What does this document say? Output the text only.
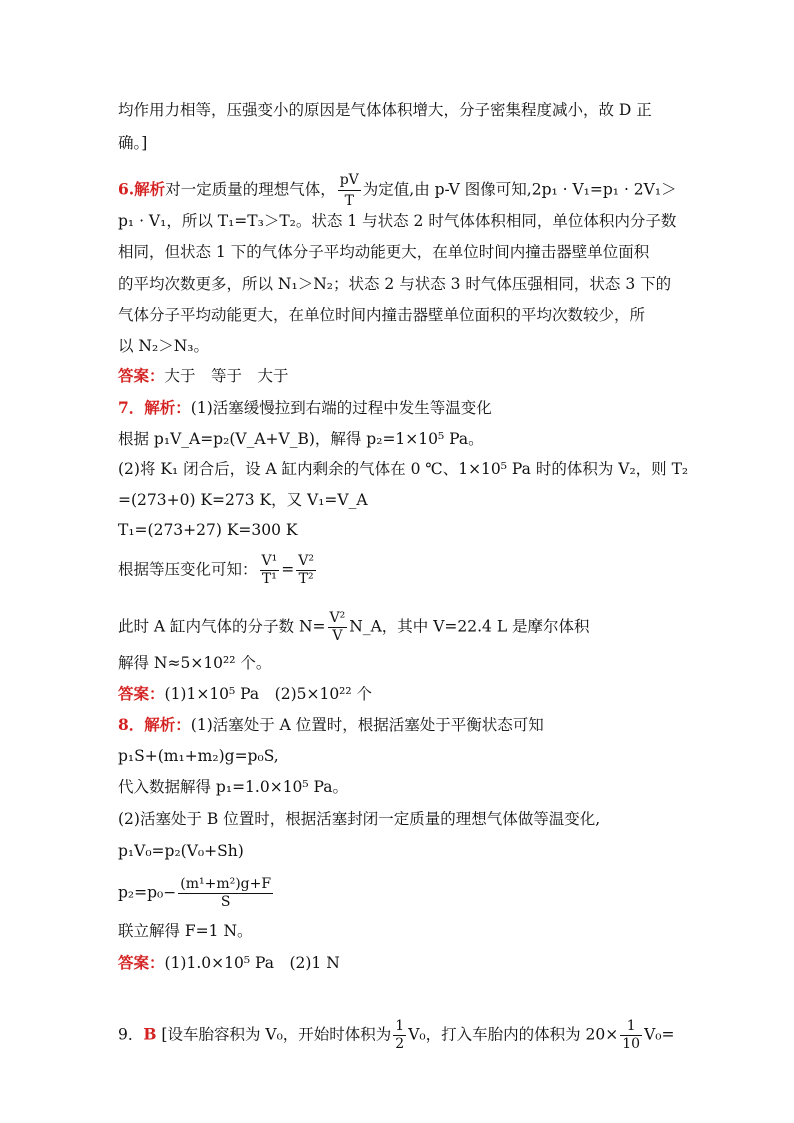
均作用力相等，压强变小的原因是气体体积增大，分子密集程度减小，故 D 正
确。]
6.解析对一定质量的理想气体， $\frac{pV}{T}$ 为定值,由 p-V 图像可知,2p₁ · V₁=p₁ · 2V₁＞
p₁ · V₁，所以 T₁=T₃＞T₂。状态 1 与状态 2 时气体体积相同，单位体积内分子数
相同，但状态 1 下的气体分子平均动能更大，在单位时间内撞击器壁单位面积
的平均次数更多，所以 N₁＞N₂；状态 2 与状态 3 时气体压强相同，状态 3 下的
气体分子平均动能更大，在单位时间内撞击器壁单位面积的平均次数较少，所
以 N₂＞N₃。
答案：大于　等于　大于
7．解析：(1)活塞缓慢拉到右端的过程中发生等温变化
根据 p₁V_A=p₂(V_A+V_B)，解得 p₂=1×10⁵ Pa。
(2)将 K₁ 闭合后，设 A 缸内剩余的气体在 0 ℃、1×10⁵ Pa 时的体积为 V₂，则 T₂
=(273+0) K=273 K，又 V₁=V_A
T₁=(273+27) K=300 K
根据等压变化可知： $\frac{\text{V¹}}{\text{T¹}} = \frac{\text{V²}}{\text{T²}}$
此时 A 缸内气体的分子数 $N= \frac{\text{V²}}{V}$ N_A，其中 V=22.4 L 是摩尔体积
解得 N≈5×10²² 个。
答案：(1)1×10⁵ Pa　(2)5×10²² 个
8．解析：(1)活塞处于 A 位置时，根据活塞处于平衡状态可知
p₁S+(m₁+m₂)g=p₀S,
代入数据解得 p₁=1.0×10⁵ Pa。
(2)活塞处于 B 位置时，根据活塞封闭一定质量的理想气体做等温变化,
p₁V₀=p₂(V₀+Sh)
$p_2=p_0- \frac{\text{(m¹+m²)g+F}}{S}$
联立解得 F=1 N。
答案：(1)1.0×10⁵ Pa　(2)1 N
9．B [设车胎容积为 V₀，开始时体积为 $\frac{1}{2} V_0$，打入车胎内的体积为 $20\times \frac{1}{10} V_0=$
